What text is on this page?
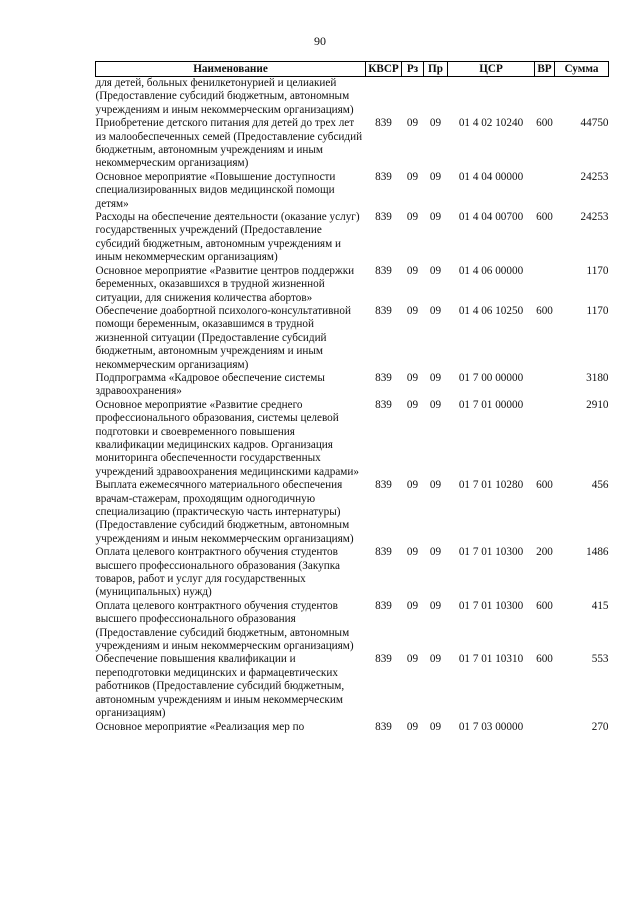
90
Наименование	КВСР	Рз	Пр	ЦСР	ВР	Сумма
для детей, больных фенилкетонурией и целиакией (Предоставление субсидий бюджетным, автономным учреждениям и иным некоммерческим организациям)						
Приобретение детского питания для детей до трех лет из малообеспеченных семей (Предоставление субсидий бюджетным, автономным учреждениям и иным некоммерческим организациям)	839	09	09	01 4 02 10240	600	44750
Основное мероприятие «Повышение доступности специализированных видов медицинской помощи детям»	839	09	09	01 4 04 00000		24253
Расходы на обеспечение деятельности (оказание услуг) государственных учреждений (Предоставление субсидий бюджетным, автономным учреждениям и иным некоммерческим организациям)	839	09	09	01 4 04 00700	600	24253
Основное мероприятие «Развитие центров поддержки беременных, оказавшихся в трудной жизненной ситуации, для снижения количества абортов»	839	09	09	01 4 06 00000		1170
Обеспечение доабортной психолого-консультативной помощи беременным, оказавшимся в трудной жизненной ситуации (Предоставление субсидий бюджетным, автономным учреждениям и иным некоммерческим организациям)	839	09	09	01 4 06 10250	600	1170
Подпрограмма «Кадровое обеспечение системы здравоохранения»	839	09	09	01 7 00 00000		3180
Основное мероприятие «Развитие среднего профессионального образования, системы целевой подготовки и своевременного повышения квалификации медицинских кадров. Организация мониторинга обеспеченности государственных учреждений здравоохранения медицинскими кадрами»	839	09	09	01 7 01 00000		2910
Выплата ежемесячного материального обеспечения врачам-стажерам, проходящим одногодичную специализацию (практическую часть интернатуры) (Предоставление субсидий бюджетным, автономным учреждениям и иным некоммерческим организациям)	839	09	09	01 7 01 10280	600	456
Оплата целевого контрактного обучения студентов высшего профессионального образования (Закупка товаров, работ и услуг для государственных (муниципальных) нужд)	839	09	09	01 7 01 10300	200	1486
Оплата целевого контрактного обучения студентов высшего профессионального образования (Предоставление субсидий бюджетным, автономным учреждениям и иным некоммерческим организациям)	839	09	09	01 7 01 10300	600	415
Обеспечение повышения квалификации и переподготовки медицинских и фармацевтических работников (Предоставление субсидий бюджетным, автономным учреждениям и иным некоммерческим организациям)	839	09	09	01 7 01 10310	600	553
Основное мероприятие «Реализация мер по	839	09	09	01 7 03 00000		270
